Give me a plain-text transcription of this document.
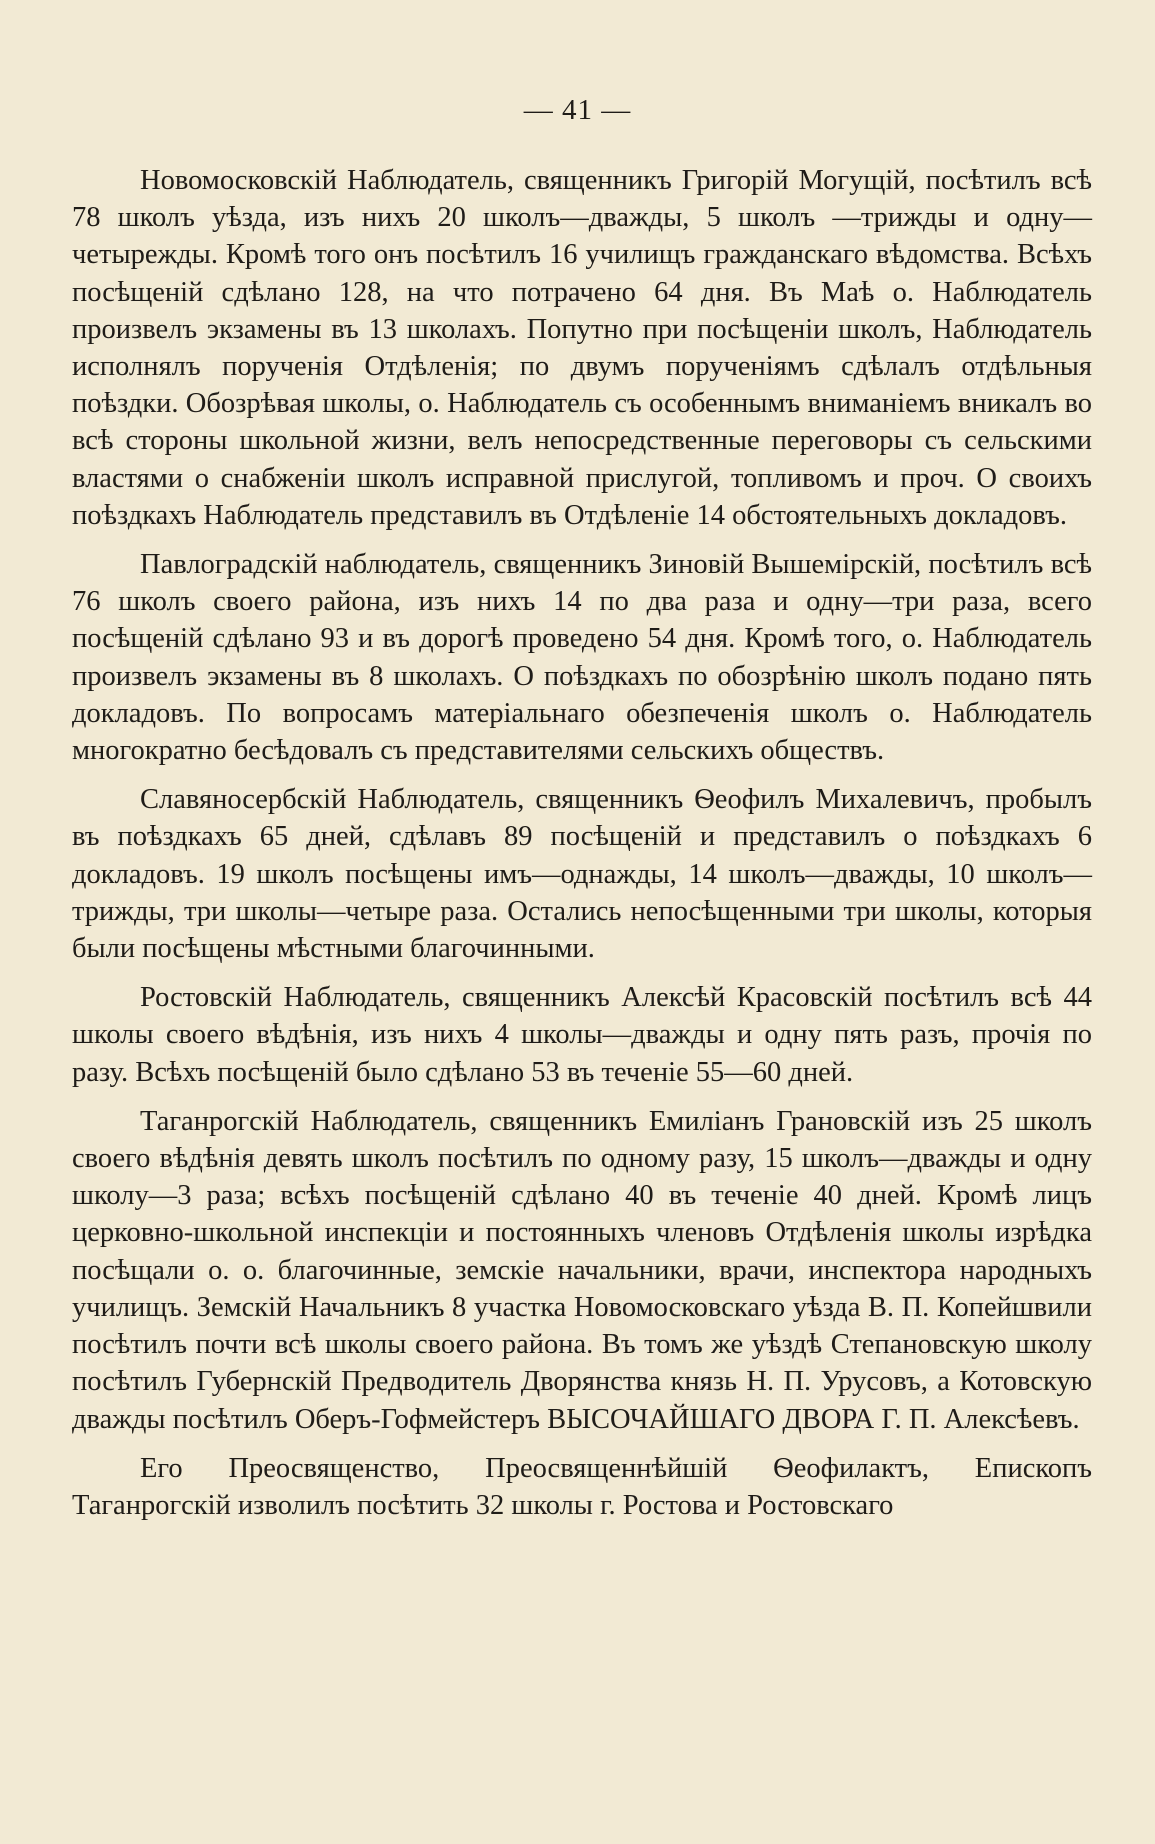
— 41 —

Новомосковскій Наблюдатель, священникъ Григорій Могущій, посѣтилъ всѣ 78 школъ уѣзда, изъ нихъ 20 школъ—дважды, 5 школъ —трижды и одну—четырежды. Кромѣ того онъ посѣтилъ 16 училищъ гражданскаго вѣдомства. Всѣхъ посѣщеній сдѣлано 128, на что потрачено 64 дня. Въ Маѣ о. Наблюдатель произвелъ экзамены въ 13 школахъ. Попутно при посѣщеніи школъ, Наблюдатель исполнялъ порученія Отдѣленія; по двумъ порученіямъ сдѣлалъ отдѣльныя поѣздки. Обозрѣвая школы, о. Наблюдатель съ особеннымъ вниманіемъ вникалъ во всѣ стороны школьной жизни, велъ непосредственные переговоры съ сельскими властями о снабженіи школъ исправной прислугой, топливомъ и проч. О своихъ поѣздкахъ Наблюдатель представилъ въ Отдѣленіе 14 обстоятельныхъ докладовъ.

Павлоградскій наблюдатель, священникъ Зиновій Вышемірскій, посѣтилъ всѣ 76 школъ своего района, изъ нихъ 14 по два раза и одну—три раза, всего посѣщеній сдѣлано 93 и въ дорогѣ проведено 54 дня. Кромѣ того, о. Наблюдатель произвелъ экзамены въ 8 школахъ. О поѣздкахъ по обозрѣнію школъ подано пять докладовъ. По вопросамъ матеріальнаго обезпеченія школъ о. Наблюдатель многократно бесѣдовалъ съ представителями сельскихъ обществъ.

Славяносербскій Наблюдатель, священникъ Ѳеофилъ Михалевичъ, пробылъ въ поѣздкахъ 65 дней, сдѣлавъ 89 посѣщеній и представилъ о поѣздкахъ 6 докладовъ. 19 школъ посѣщены имъ—однажды, 14 школъ—дважды, 10 школъ—трижды, три школы—четыре раза. Остались непосѣщенными три школы, которыя были посѣщены мѣстными благочинными.

Ростовскій Наблюдатель, священникъ Алексѣй Красовскій посѣтилъ всѣ 44 школы своего вѣдѣнія, изъ нихъ 4 школы—дважды и одну пять разъ, прочія по разу. Всѣхъ посѣщеній было сдѣлано 53 въ теченіе 55—60 дней.

Таганрогскій Наблюдатель, священникъ Емиліанъ Грановскій изъ 25 школъ своего вѣдѣнія девять школъ посѣтилъ по одному разу, 15 школъ—дважды и одну школу—3 раза; всѣхъ посѣщеній сдѣлано 40 въ теченіе 40 дней. Кромѣ лицъ церковно-школьной инспекціи и постоянныхъ членовъ Отдѣленія школы изрѣдка посѣщали о. о. благочинные, земскіе начальники, врачи, инспектора народныхъ училищъ. Земскій Начальникъ 8 участка Новомосковскаго уѣзда В. П. Копейшвили посѣтилъ почти всѣ школы своего района. Въ томъ же уѣздѣ Степановскую школу посѣтилъ Губернскій Предводитель Дворянства князь Н. П. Урусовъ, а Котовскую дважды посѣтилъ Оберъ-Гофмейстеръ ВЫСОЧАЙШАГО ДВОРА Г. П. Алексѣевъ.

Его Преосвященство, Преосвященнѣйшій Ѳеофилактъ, Епископъ Таганрогскій изволилъ посѣтить 32 школы г. Ростова и Ростовскаго
